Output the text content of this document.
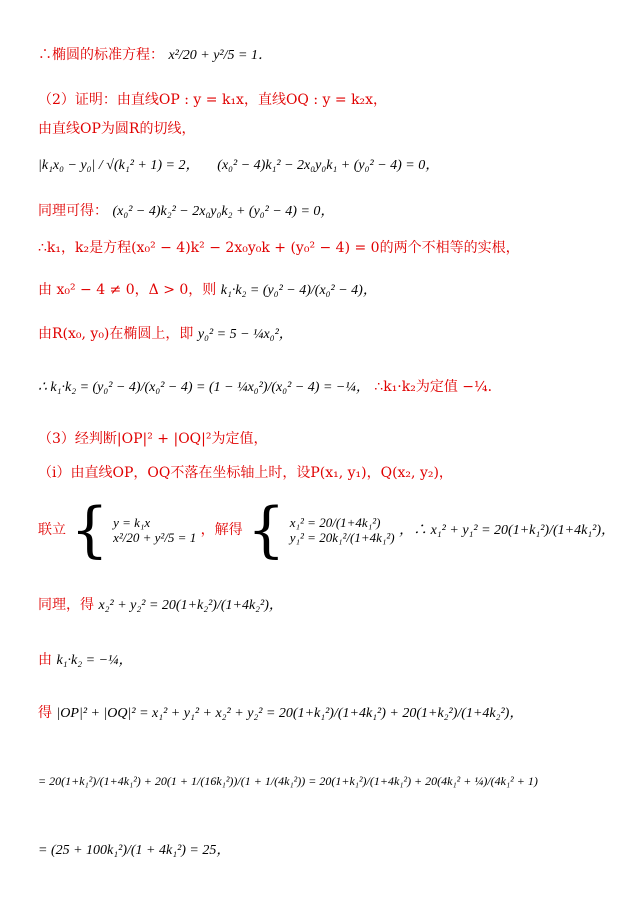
∴椭圆的标准方程： x²/20 + y²/5 = 1．
（2）证明：由直线OP : y = k₁x，直线OQ : y = k₂x，
由直线OP为圆R的切线，
|k₁x₀ − y₀| / √(k₁² + 1) = 2， (x₀² − 4)k₁² − 2x₀y₀k₁ + (y₀² − 4) = 0，
同理可得： (x₀² − 4)k₂² − 2x₀y₀k₂ + (y₀² − 4) = 0，
∴k₁，k₂是方程(x₀² − 4)k² − 2x₀y₀k + (y₀² − 4) = 0的两个不相等的实根，
由 x₀² − 4 ≠ 0，Δ > 0，则 k₁·k₂ = (y₀² − 4)/(x₀² − 4)，
由R(x₀, y₀)在椭圆上，即 y₀² = 5 − ¼x₀²，
∴ k₁·k₂ = (y₀² − 4)/(x₀² − 4) = (1 − ¼x₀²)/(x₀² − 4) = −¼， ∴k₁·k₂为定值 −¼．
（3）经判断|OP|² + |OQ|²为定值，
（i）由直线OP，OQ不落在坐标轴上时，设P(x₁, y₁)，Q(x₂, y₂)，
联立 { y = k₁x
x²/20 + y²/5 = 1 ，解得 { x₁² = 20/(1+4k₁²)
y₁² = 20k₁²/(1+4k₁²) ，∴ x₁² + y₁² = 20(1+k₁²)/(1+4k₁²)，
同理，得 x₂² + y₂² = 20(1+k₂²)/(1+4k₂²)，
由 k₁·k₂ = −¼，
得 |OP|² + |OQ|² = x₁² + y₁² + x₂² + y₂² = 20(1+k₁²)/(1+4k₁²) + 20(1+k₂²)/(1+4k₂²)，
= 20(1+k₁²)/(1+4k₁²) + 20(1 + 1/(16k₁²))/(1 + 1/(4k₁²)) = 20(1+k₁²)/(1+4k₁²) + 20(4k₁² + ¼)/(4k₁² + 1)
= (25 + 100k₁²)/(1 + 4k₁²) = 25，
